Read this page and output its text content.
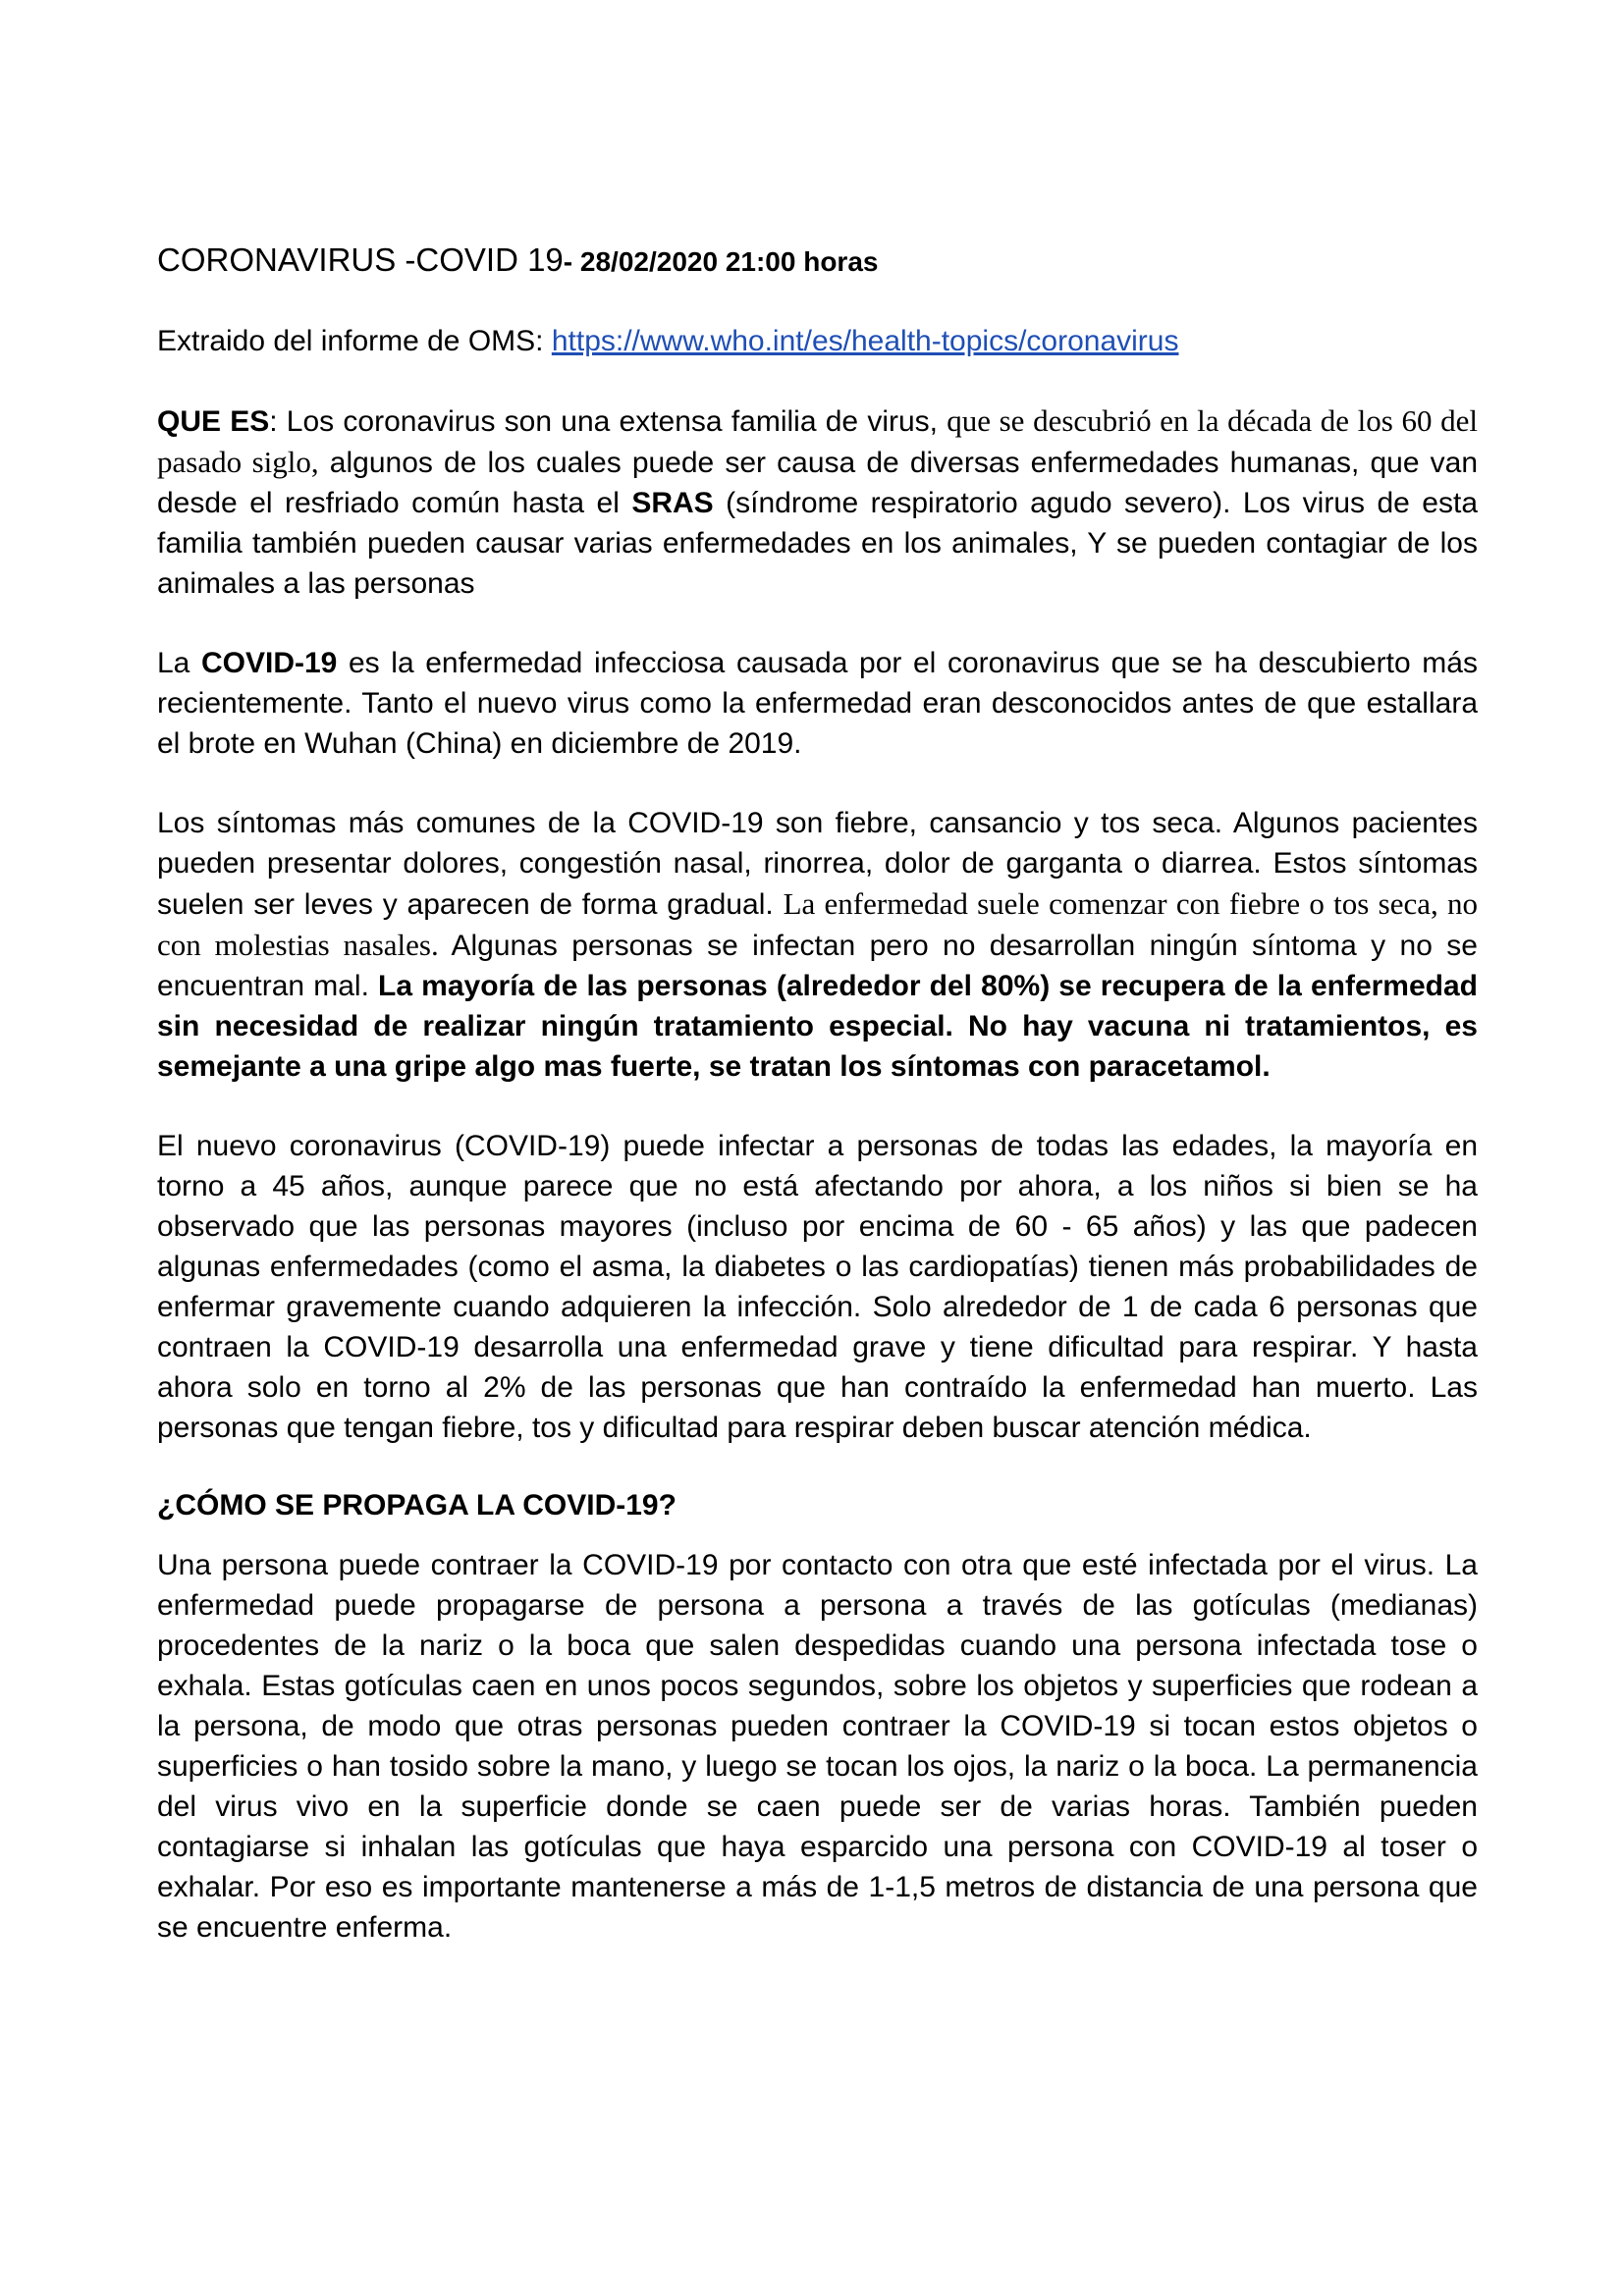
CORONAVIRUS -COVID 19- 28/02/2020 21:00 horas

Extraido del informe de OMS: https://www.who.int/es/health-topics/coronavirus

QUE ES: Los coronavirus son una extensa familia de virus, que se descubrió en la década de los 60 del pasado siglo, algunos de los cuales puede ser causa de diversas enfermedades humanas, que van desde el resfriado común hasta el SRAS (síndrome respiratorio agudo severo). Los virus de esta familia también pueden causar varias enfermedades en los animales, Y se pueden contagiar de los animales a las personas

La COVID-19 es la enfermedad infecciosa causada por el coronavirus que se ha descubierto más recientemente. Tanto el nuevo virus como la enfermedad eran desconocidos antes de que estallara el brote en Wuhan (China) en diciembre de 2019.

Los síntomas más comunes de la COVID-19 son fiebre, cansancio y tos seca. Algunos pacientes pueden presentar dolores, congestión nasal, rinorrea, dolor de garganta o diarrea. Estos síntomas suelen ser leves y aparecen de forma gradual. La enfermedad suele comenzar con fiebre o tos seca, no con molestias nasales. Algunas personas se infectan pero no desarrollan ningún síntoma y no se encuentran mal. La mayoría de las personas (alrededor del 80%) se recupera de la enfermedad sin necesidad de realizar ningún tratamiento especial. No hay vacuna ni tratamientos, es semejante a una gripe algo mas fuerte, se tratan los síntomas con paracetamol.

El nuevo coronavirus (COVID-19) puede infectar a personas de todas las edades, la mayoría en torno a 45 años, aunque parece que no está afectando por ahora, a los niños si bien se ha observado que las personas mayores (incluso por encima de 60 - 65 años) y las que padecen algunas enfermedades (como el asma, la diabetes o las cardiopatías) tienen más probabilidades de enfermar gravemente cuando adquieren la infección. Solo alrededor de 1 de cada 6 personas que contraen la COVID-19 desarrolla una enfermedad grave y tiene dificultad para respirar. Y hasta ahora solo en torno al 2% de las personas que han contraído la enfermedad han muerto. Las personas que tengan fiebre, tos y dificultad para respirar deben buscar atención médica.

¿CÓMO SE PROPAGA LA COVID-19?

Una persona puede contraer la COVID-19 por contacto con otra que esté infectada por el virus. La enfermedad puede propagarse de persona a persona a través de las gotículas (medianas) procedentes de la nariz o la boca que salen despedidas cuando una persona infectada tose o exhala. Estas gotículas caen en unos pocos segundos, sobre los objetos y superficies que rodean a la persona, de modo que otras personas pueden contraer la COVID-19 si tocan estos objetos o superficies o han tosido sobre la mano, y luego se tocan los ojos, la nariz o la boca. La permanencia del virus vivo en la superficie donde se caen puede ser de varias horas. También pueden contagiarse si inhalan las gotículas que haya esparcido una persona con COVID-19 al toser o exhalar. Por eso es importante mantenerse a más de 1-1,5 metros de distancia de una persona que se encuentre enferma.
